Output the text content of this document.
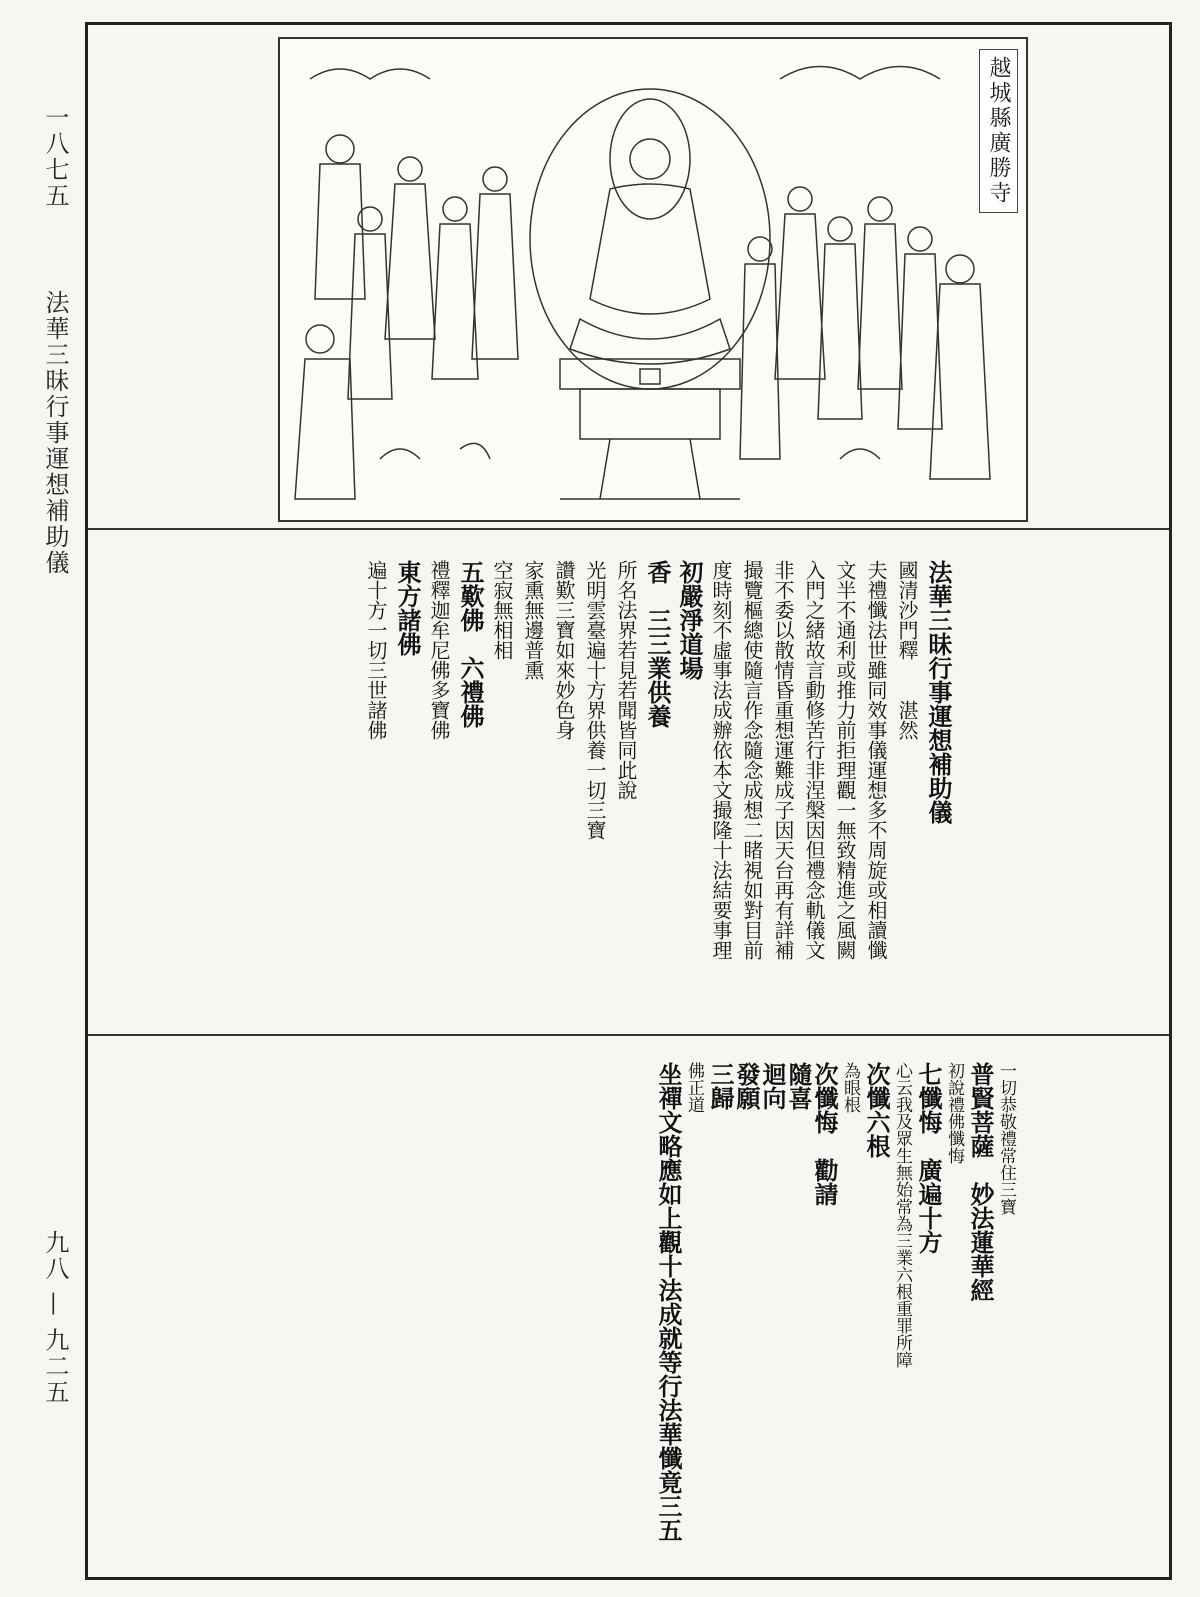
一八七五
法華三昧行事運想補助儀
九八 — 九二五
越城縣廣勝寺
法華三昧行事運想補助儀
國清沙門釋　　湛然
夫禮懺法世雖同效事儀運想多不周旋或相讀懺
文半不通利或推力前拒理觀一無致精進之風闕
入門之緒故言動修苦行非涅槃因但禮念軌儀文
非不委以散情昏重想運難成子因天台再有詳補
撮覽樞總使隨言作念隨念成想二睹視如對目前
度時刻不虛事法成辦依本文撮隆十法結要事理
初嚴淨道場
香　三三業供養
所名法界若見若聞皆同此說
光明雲臺遍十方界供養一切三寶
讚歎三寶如來妙色身
家熏無邊普熏
空寂無相相
五歎佛　六禮佛
禮釋迦牟尼佛多寶佛
東方諸佛
遍十方一切三世諸佛
一切恭敬禮常住三寶
普賢菩薩　妙法蓮華經
初說禮佛懺悔
七懺悔　廣遍十方
心云我及眾生無始常為三業六根重罪所障
次懺六根
為眼根
次懺悔　勸請
隨喜
迴向
發願
三歸
佛正道
坐禪文略應如上觀十法成就等行法華懺竟三五
